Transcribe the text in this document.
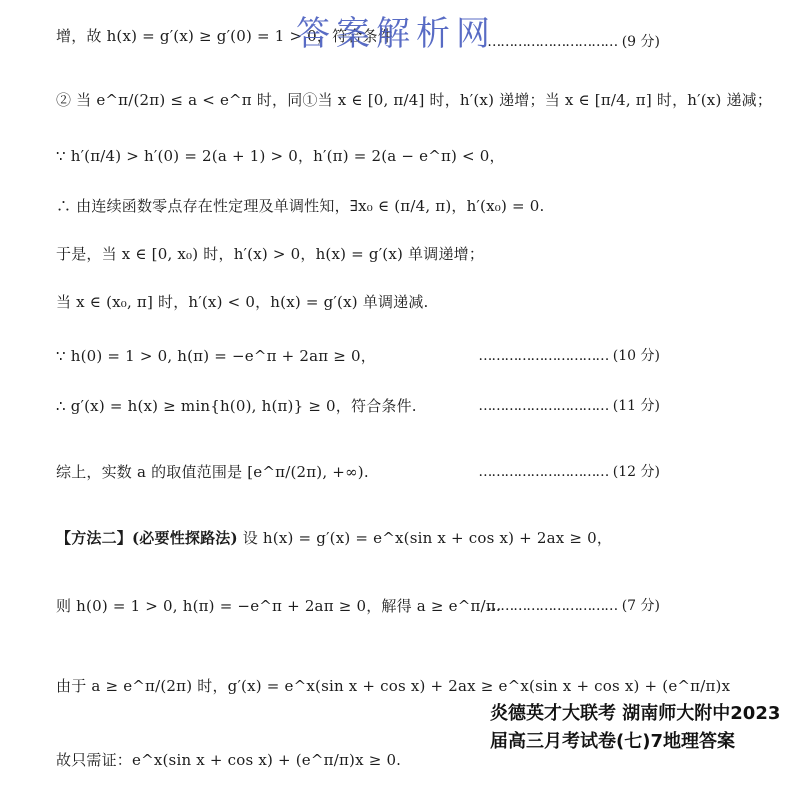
增，故 h(x) = g′(x) ≥ g′(0) = 1 > 0，符合条件	………………………… (9 分)
答案解析网
② 当 e^π/(2π) ≤ a < e^π 时，同①当 x ∈ [0, π/4] 时，h′(x) 递增；当 x ∈ [π/4, π] 时，h′(x) 递减；
∵ h′(π/4) > h′(0) = 2(a + 1) > 0，h′(π) = 2(a − e^π) < 0，
∴ 由连续函数零点存在性定理及单调性知，∃x₀ ∈ (π/4, π)，h′(x₀) = 0.
于是，当 x ∈ [0, x₀) 时，h′(x) > 0，h(x) = g′(x) 单调递增；
当 x ∈ (x₀, π] 时，h′(x) < 0，h(x) = g′(x) 单调递减.
∵ h(0) = 1 > 0, h(π) = −e^π + 2aπ ≥ 0，	………………………… (10 分)
∴ g′(x) = h(x) ≥ min{h(0), h(π)} ≥ 0，符合条件.	………………………… (11 分)
综上，实数 a 的取值范围是 [e^π/(2π), +∞).	………………………… (12 分)
【方法二】(必要性探路法) 设 h(x) = g′(x) = e^x(sin x + cos x) + 2ax ≥ 0，
则 h(0) = 1 > 0, h(π) = −e^π + 2aπ ≥ 0，解得 a ≥ e^π/π.
………………………… (7 分)
由于 a ≥ e^π/(2π) 时，g′(x) = e^x(sin x + cos x) + 2ax ≥ e^x(sin x + cos x) + (e^π/π)x
故只需证：e^x(sin x + cos x) + (e^π/π)x ≥ 0.
炎德英才大联考 湖南师大附中2023届高三月考试卷(七)7地理答案
